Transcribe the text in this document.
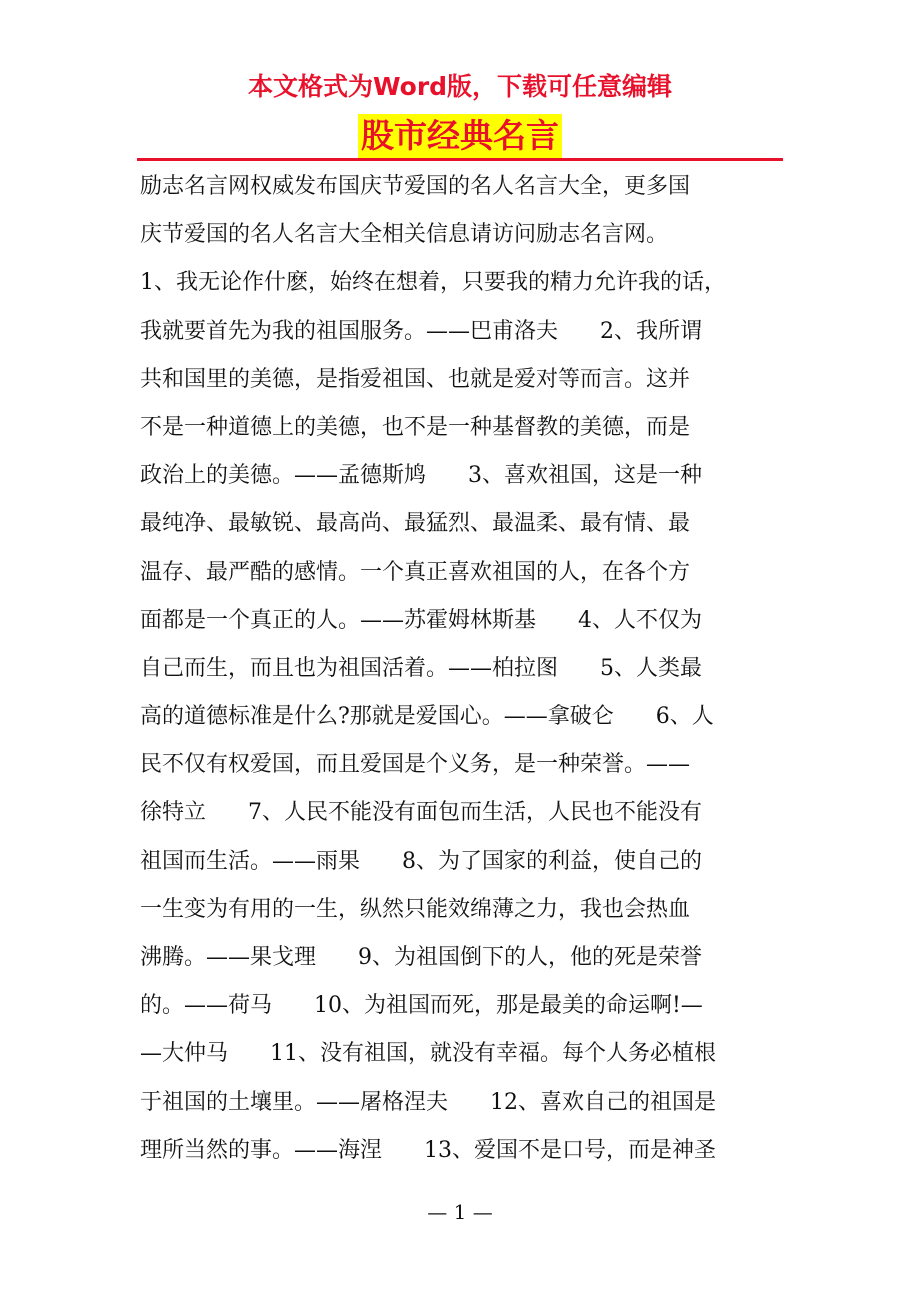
本文格式为Word版，下载可任意编辑
股市经典名言
励志名言网权威发布国庆节爱国的名人名言大全，更多国
庆节爱国的名人名言大全相关信息请访问励志名言网。
1、我无论作什麽，始终在想着，只要我的精力允许我的话，
我就要首先为我的祖国服务。——巴甫洛夫      2、我所谓
共和国里的美德，是指爱祖国、也就是爱对等而言。这并
不是一种道德上的美德，也不是一种基督教的美德，而是
政治上的美德。——孟德斯鸠      3、喜欢祖国，这是一种
最纯净、最敏锐、最高尚、最猛烈、最温柔、最有情、最
温存、最严酷的感情。一个真正喜欢祖国的人，在各个方
面都是一个真正的人。——苏霍姆林斯基      4、人不仅为
自己而生，而且也为祖国活着。——柏拉图      5、人类最
高的道德标准是什么?那就是爱国心。——拿破仑      6、人
民不仅有权爱国，而且爱国是个义务，是一种荣誉。——
徐特立      7、人民不能没有面包而生活，人民也不能没有
祖国而生活。——雨果      8、为了国家的利益，使自己的
一生变为有用的一生，纵然只能效绵薄之力，我也会热血
沸腾。——果戈理      9、为祖国倒下的人，他的死是荣誉
的。——荷马      10、为祖国而死，那是最美的命运啊!—
—大仲马      11、没有祖国，就没有幸福。每个人务必植根
于祖国的土壤里。——屠格涅夫      12、喜欢自己的祖国是
理所当然的事。——海涅      13、爱国不是口号，而是神圣
— 1 —
